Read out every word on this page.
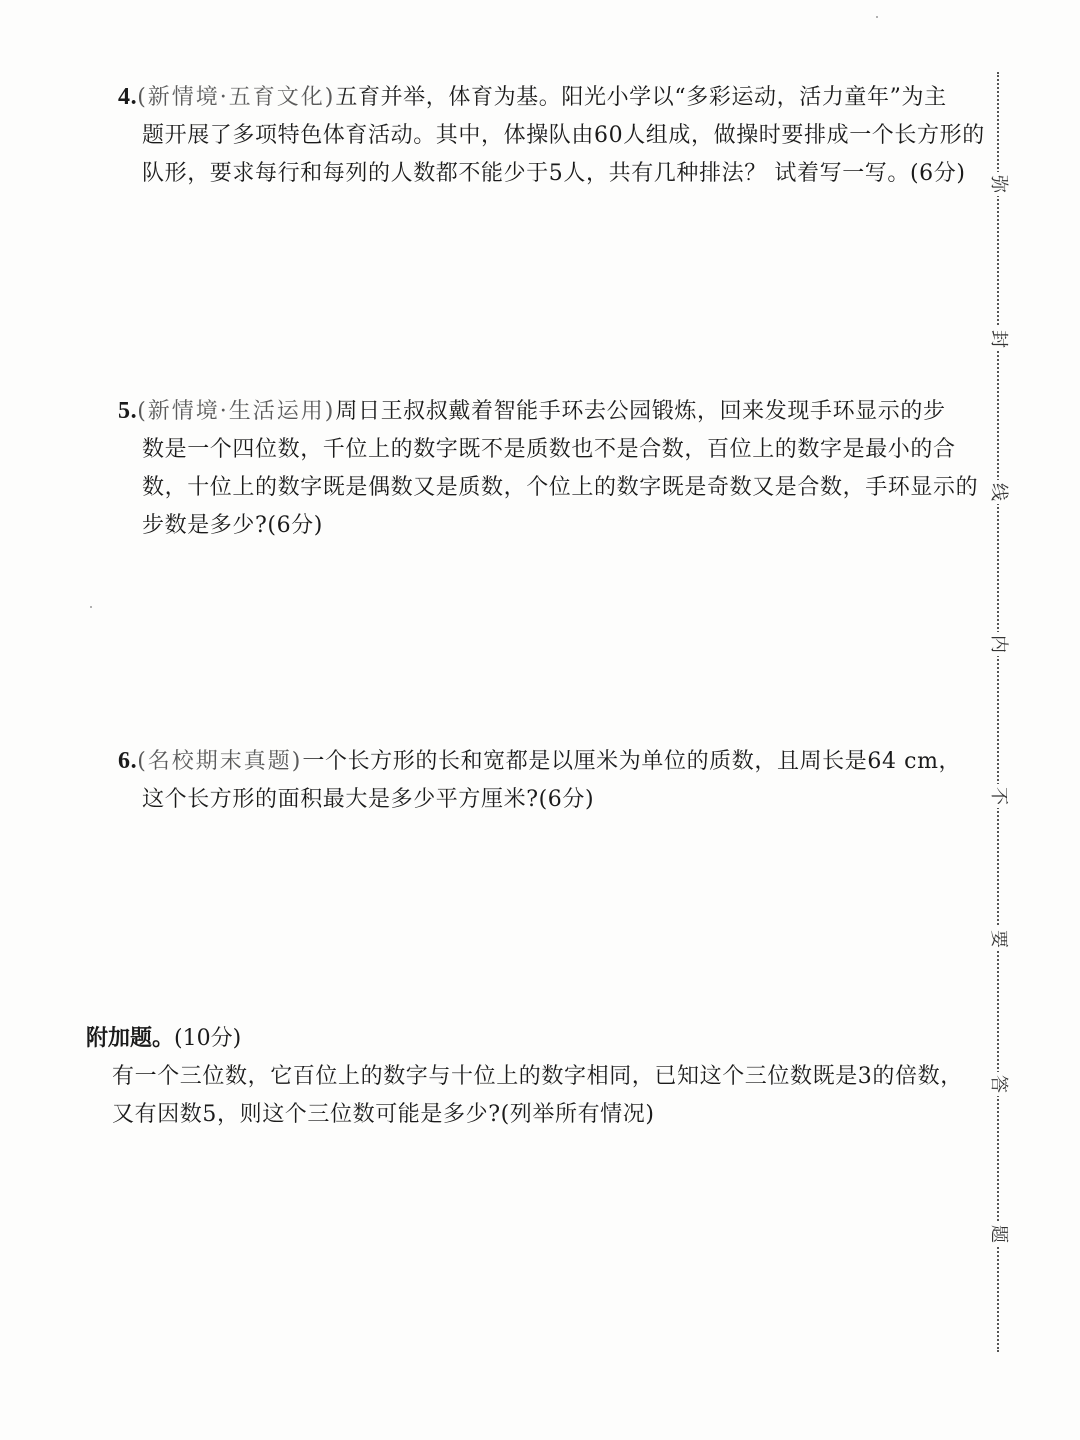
4.(新情境·五育文化)五育并举，体育为基。阳光小学以“多彩运动，活力童年”为主
题开展了多项特色体育活动。其中，体操队由60人组成，做操时要排成一个长方形的
队形，要求每行和每列的人数都不能少于5人，共有几种排法？ 试着写一写。(6分)
5.(新情境·生活运用)周日王叔叔戴着智能手环去公园锻炼，回来发现手环显示的步
数是一个四位数，千位上的数字既不是质数也不是合数，百位上的数字是最小的合
数，十位上的数字既是偶数又是质数，个位上的数字既是奇数又是合数，手环显示的
步数是多少?(6分)
6.(名校期末真题)一个长方形的长和宽都是以厘米为单位的质数，且周长是64 cm，
这个长方形的面积最大是多少平方厘米?(6分)
附加题。(10分)
有一个三位数，它百位上的数字与十位上的数字相同，已知这个三位数既是3的倍数，
又有因数5，则这个三位数可能是多少?(列举所有情况)
弥
封
线
内
不
要
答
题
